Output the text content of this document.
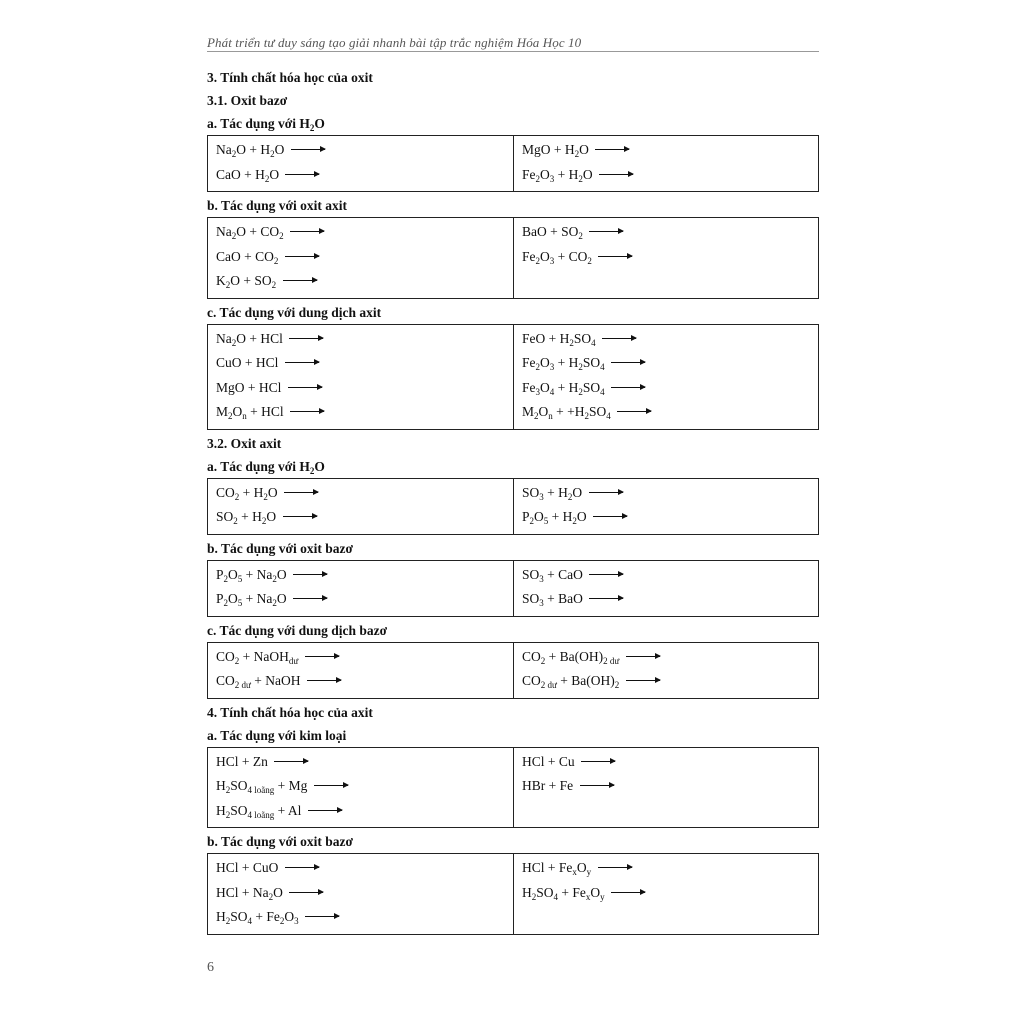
Phát triển tư duy sáng tạo giải nhanh bài tập trắc nghiệm Hóa Học 10
3. Tính chất hóa học của oxit
3.1. Oxit bazơ
a. Tác dụng với $H_2O$
$Na_2O + H_2O$ →
CaO + $H_2O$ →
MgO + $H_2O$ →
$Fe_2O_3 + H_2O$ →
b. Tác dụng với oxit axit
$Na_2O + CO_2$ →
CaO + $CO_2$ →
$K_2O + SO_2$ →
BaO + $SO_2$ →
$Fe_2O_3 + CO_2$ →
c. Tác dụng với dung dịch axit
$Na_2O$ + HCl →
CuO + HCl →
MgO + HCl →
$M_2O_n$ + HCl →
FeO + $H_2SO_4$ →
$Fe_2O_3 + H_2SO_4$ →
$Fe_3O_4 + H_2SO_4$ →
$M_2O_n + +H_2SO_4$ →
3.2. Oxit axit
a. Tác dụng với $H_2O$
$CO_2 + H_2O$ →
$SO_2 + H_2O$ →
$SO_3 + H_2O$ →
$P_2O_5 + H_2O$ →
b. Tác dụng với oxit bazơ
$P_2O_5 + Na_2O$ →
$P_2O_5 + Na_2O$ →
$SO_3$ + CaO →
$SO_3$ + BaO →
c. Tác dụng với dung dịch bazơ
$CO_2$ + NaOH$_{dư}$ →
$CO_{2 dư}$ + NaOH →
$CO_2 + Ba(OH)_{2 dư}$ →
$CO_{2 dư} + Ba(OH)_2$ →
4. Tính chất hóa học của axit
a. Tác dụng với kim loại
HCl + Zn →
$H_2SO_{4 loãng} + Mg$ →
$H_2SO_{4 loãng} + Al$ →
HCl + Cu →
HBr + Fe →
b. Tác dụng với oxit bazơ
HCl + CuO →
HCl + $Na_2O$ →
$H_2SO_4 + Fe_2O_3$ →
HCl + $Fe_xO_y$ →
$H_2SO_4 + Fe_xO_y$ →
6
